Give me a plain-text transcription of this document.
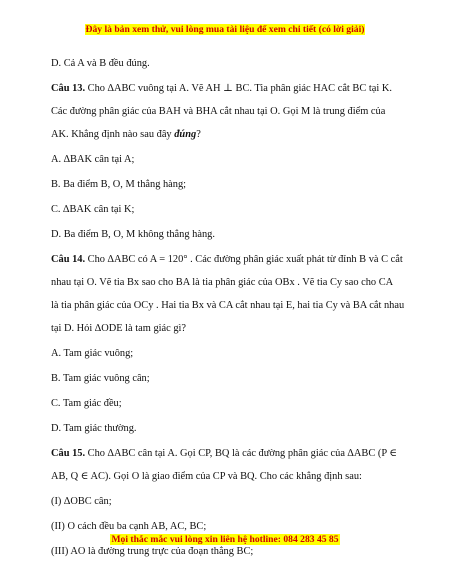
Đây là bản xem thử, vui lòng mua tài liệu để xem chi tiết (có lời giải)
D. Cả A và B đều đúng.
Câu 13. Cho ∆ABC vuông tại A. Vẽ AH ⊥ BC. Tia phân giác HAC cắt BC tại K.
Các đường phân giác của BAH và BHA cắt nhau tại O. Gọi M là trung điểm của
AK. Khẳng định nào sau đây đúng?
A. ∆BAK cân tại A;
B. Ba điểm B, O, M thẳng hàng;
C. ∆BAK cân tại K;
D. Ba điểm B, O, M không thẳng hàng.
Câu 14. Cho ∆ABC có A = 120° . Các đường phân giác xuất phát từ đỉnh B và C cắt
nhau tại O. Vẽ tia Bx sao cho BA là tia phân giác của OBx . Vẽ tia Cy sao cho CA
là tia phân giác của OCy . Hai tia Bx và CA cắt nhau tại E, hai tia Cy và BA cắt nhau
tại D. Hỏi ∆ODE là tam giác gì?
A. Tam giác vuông;
B. Tam giác vuông cân;
C. Tam giác đều;
D. Tam giác thường.
Câu 15. Cho ∆ABC cân tại A. Gọi CP, BQ là các đường phân giác của ∆ABC (P ∈
AB, Q ∈ AC). Gọi O là giao điểm của CP và BQ. Cho các khẳng định sau:
(I) ∆OBC cân;
(II) O cách đều ba cạnh AB, AC, BC;
(III) AO là đường trung trực của đoạn thẳng BC;
Mọi thắc mắc vui lòng xin liên hệ hotline: 084 283 45 85
